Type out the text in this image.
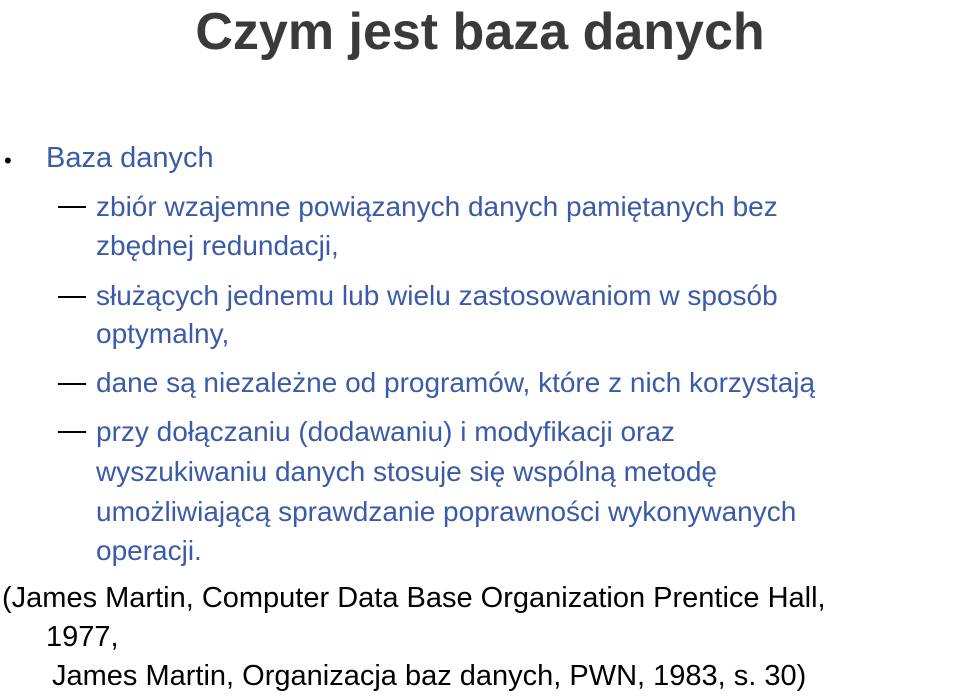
Czym jest baza danych
• Baza danych
zbiór wzajemne powiązanych danych pamiętanych bez
zbędnej redundacji,
służących jednemu lub wielu zastosowaniom w sposób
optymalny,
dane są niezależne od programów, które z nich korzystają
przy dołączaniu (dodawaniu) i modyfikacji oraz
wyszukiwaniu danych stosuje się wspólną metodę
umożliwiającą sprawdzanie poprawności wykonywanych
operacji.
(James Martin, Computer Data Base Organization Prentice Hall,
1977,
James Martin, Organizacja baz danych, PWN, 1983, s. 30)
